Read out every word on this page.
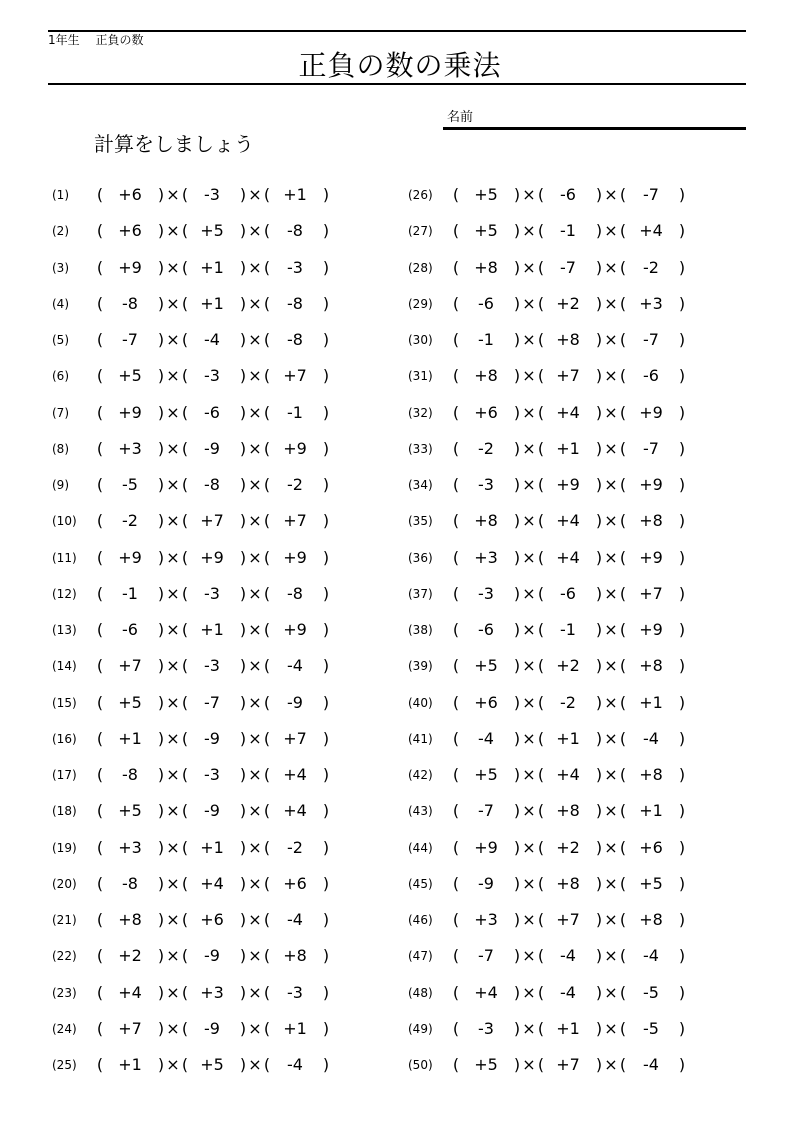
1年生　 正負の数
正負の数の乗法
名前
計算をしましょう
(1)	( +6	) × ( -3	) × ( +1	)
(2)	( +6	) × ( +5	) × (	-8	)
(3)	( +9	) × ( +1	) × (	-3	)
(4)	(	-8	) × ( +1	) × (	-8	)
(5)	(	-7	) × ( -4	) × (	-8	)
(6)	( +5	) × ( -3	) × ( +7	)
(7)	( +9	) × ( -6	) × (	-1	)
(8)	( +3	) × ( -9	) × ( +9	)
(9)	(	-5	) × ( -8	) × (	-2	)
(10)	(	-2	) × ( +7	) × ( +7	)
(11)	( +9	) × ( +9	) × ( +9	)
(12)	(	-1	) × ( -3	) × (	-8	)
(13)	(	-6	) × ( +1	) × ( +9	)
(14)	( +7	) × ( -3	) × (	-4	)
(15)	( +5	) × ( -7	) × (	-9	)
(16)	( +1	) × ( -9	) × ( +7	)
(17)	(	-8	) × ( -3	) × ( +4	)
(18)	( +5	) × ( -9	) × ( +4	)
(19)	( +3	) × ( +1	) × (	-2	)
(20)	(	-8	) × ( +4	) × ( +6	)
(21)	( +8	) × ( +6	) × (	-4	)
(22)	( +2	) × ( -9	) × ( +8	)
(23)	( +4	) × ( +3	) × (	-3	)
(24)	( +7	) × ( -9	) × ( +1	)
(25)	( +1	) × ( +5	) × (	-4	)
(26)	( +5	) × ( -6	) × (	-7	)
(27)	( +5	) × ( -1	) × ( +4	)
(28)	( +8	) × ( -7	) × (	-2	)
(29)	(	-6	) × ( +2	) × ( +3	)
(30)	(	-1	) × ( +8	) × (	-7	)
(31)	( +8	) × ( +7	) × (	-6	)
(32)	( +6	) × ( +4	) × ( +9	)
(33)	(	-2	) × ( +1	) × (	-7	)
(34)	(	-3	) × ( +9	) × ( +9	)
(35)	( +8	) × ( +4	) × ( +8	)
(36)	( +3	) × ( +4	) × ( +9	)
(37)	(	-3	) × ( -6	) × ( +7	)
(38)	(	-6	) × ( -1	) × ( +9	)
(39)	( +5	) × ( +2	) × ( +8	)
(40)	( +6	) × ( -2	) × ( +1	)
(41)	(	-4	) × ( +1	) × (	-4	)
(42)	( +5	) × ( +4	) × ( +8	)
(43)	(	-7	) × ( +8	) × ( +1	)
(44)	( +9	) × ( +2	) × ( +6	)
(45)	(	-9	) × ( +8	) × ( +5	)
(46)	( +3	) × ( +7	) × ( +8	)
(47)	(	-7	) × ( -4	) × (	-4	)
(48)	( +4	) × ( -4	) × (	-5	)
(49)	(	-3	) × ( +1	) × (	-5	)
(50)	( +5	) × ( +7	) × (	-4	)
